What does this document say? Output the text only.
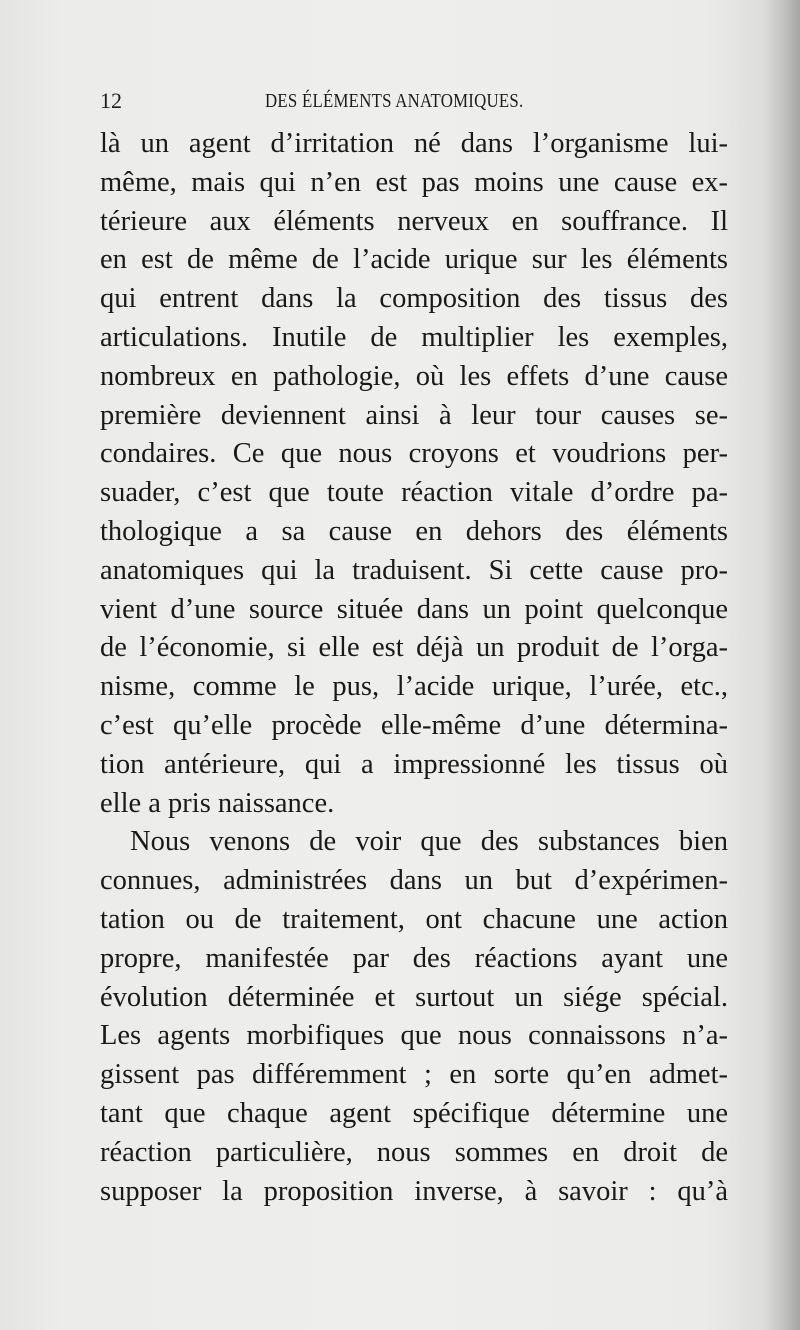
12	DES ÉLÉMENTS ANATOMIQUES.
là un agent d’irritation né dans l’organisme lui-
même, mais qui n’en est pas moins une cause ex-
térieure aux éléments nerveux en souffrance. Il
en est de même de l’acide urique sur les éléments
qui entrent dans la composition des tissus des
articulations. Inutile de multiplier les exemples,
nombreux en pathologie, où les effets d’une cause
première deviennent ainsi à leur tour causes se-
condaires. Ce que nous croyons et voudrions per-
suader, c’est que toute réaction vitale d’ordre pa-
thologique a sa cause en dehors des éléments
anatomiques qui la traduisent. Si cette cause pro-
vient d’une source située dans un point quelconque
de l’économie, si elle est déjà un produit de l’orga-
nisme, comme le pus, l’acide urique, l’urée, etc.,
c’est qu’elle procède elle-même d’une détermina-
tion antérieure, qui a impressionné les tissus où
elle a pris naissance.
Nous venons de voir que des substances bien
connues, administrées dans un but d’expérimen-
tation ou de traitement, ont chacune une action
propre, manifestée par des réactions ayant une
évolution déterminée et surtout un siége spécial.
Les agents morbifiques que nous connaissons n’a-
gissent pas différemment ; en sorte qu’en admet-
tant que chaque agent spécifique détermine une
réaction particulière, nous sommes en droit de
supposer la proposition inverse, à savoir : qu’à
